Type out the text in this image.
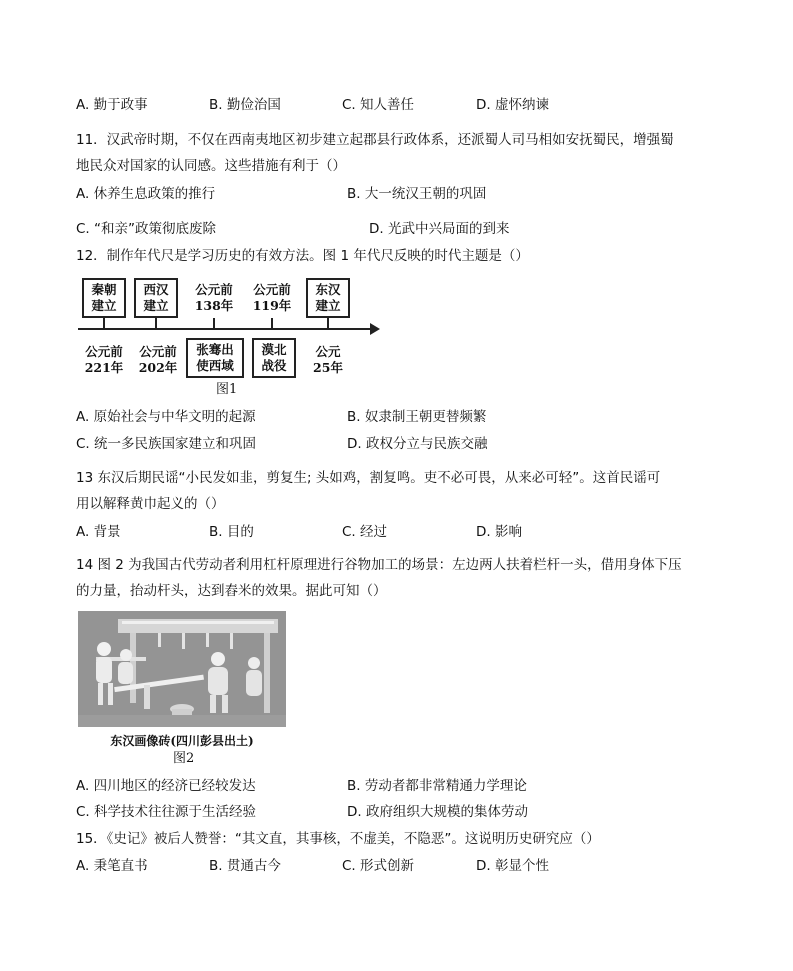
A. 勤于政事	B. 勤俭治国	C. 知人善任	D. 虚怀纳谏
11．汉武帝时期，不仅在西南夷地区初步建立起郡县行政体系，还派蜀人司马相如安抚蜀民，增强蜀
地民众对国家的认同感。这些措施有利于（）
A. 休养生息政策的推行	B. 大一统汉王朝的巩固
C. “和亲”政策彻底废除	D. 光武中兴局面的到来
12．制作年代尺是学习历史的有效方法。图 1 年代尺反映的时代主题是（）
秦朝
建立
西汉
建立
公元前
138年
公元前
119年
东汉
建立
公元前
221年
公元前
202年
张骞出
使西域
漠北
战役
公元
25年
图1
A. 原始社会与中华文明的起源	B. 奴隶制王朝更替频繁
C. 统一多民族国家建立和巩固	D. 政权分立与民族交融
13 东汉后期民谣“小民发如韭，剪复生; 头如鸡，割复鸣。吏不必可畏，从来必可轻”。这首民谣可
用以解释黄巾起义的（）
A. 背景	B. 目的	C. 经过	D. 影响
14 图 2 为我国古代劳动者利用杠杆原理进行谷物加工的场景：左边两人扶着栏杆一头，借用身体下压
的力量，抬动杆头，达到舂米的效果。据此可知（）
东汉画像砖(四川彭县出土)
图2
A. 四川地区的经济已经较发达	B. 劳动者都非常精通力学理论
C. 科学技术往往源于生活经验	D. 政府组织大规模的集体劳动
15．《史记》被后人赞誉：“其文直，其事核，不虚美，不隐恶”。这说明历史研究应（）
A. 秉笔直书	B. 贯通古今	C. 形式创新	D. 彰显个性
